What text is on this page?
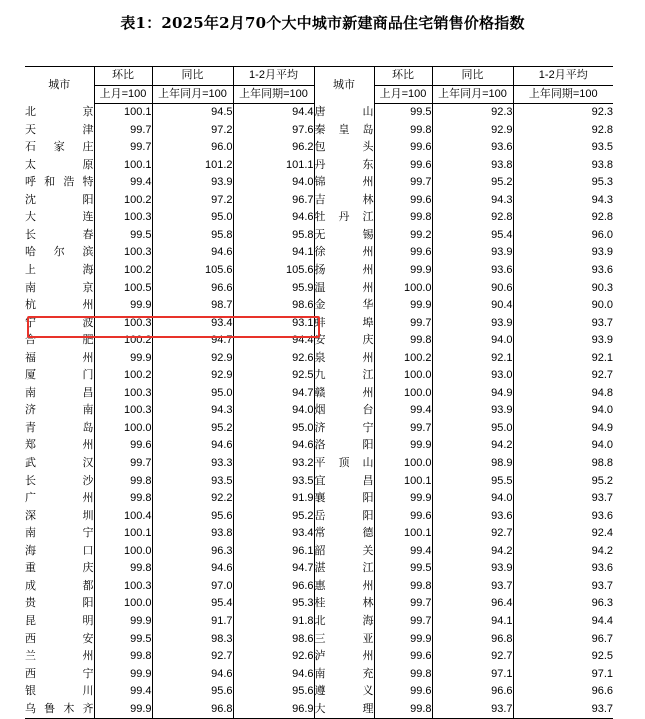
表1：2025年2月70个大中城市新建商品住宅销售价格指数
城市	环比	同比	1-2月平均	城市	环比	同比	1-2月平均
	上月=100	上年同月=100	上年同期=100		上月=100	上年同月=100	上年同期=100
北京	100.1	94.5	94.4	唐山	99.5	92.3	92.3
天津	99.7	97.2	97.6	秦皇岛	99.8	92.9	92.8
石家庄	99.7	96.0	96.2	包头	99.6	93.6	93.5
太原	100.1	101.2	101.1	丹东	99.6	93.8	93.8
呼和浩特	99.4	93.9	94.0	锦州	99.7	95.2	95.3
沈阳	100.2	97.2	96.7	吉林	99.6	94.3	94.3
大连	100.3	95.0	94.6	牡丹江	99.8	92.8	92.8
长春	99.5	95.8	95.8	无锡	99.2	95.4	96.0
哈尔滨	100.3	94.6	94.1	徐州	99.6	93.9	93.9
上海	100.2	105.6	105.6	扬州	99.9	93.6	93.6
南京	100.5	96.6	95.9	温州	100.0	90.6	90.3
杭州	99.9	98.7	98.6	金华	99.9	90.4	90.0
宁波	100.3	93.4	93.1	蚌埠	99.7	93.9	93.7
合肥	100.2	94.7	94.4	安庆	99.8	94.0	93.9
福州	99.9	92.9	92.6	泉州	100.2	92.1	92.1
厦门	100.2	92.9	92.5	九江	100.0	93.0	92.7
南昌	100.3	95.0	94.7	赣州	100.0	94.9	94.8
济南	100.3	94.3	94.0	烟台	99.4	93.9	94.0
青岛	100.0	95.2	95.0	济宁	99.7	95.0	94.9
郑州	99.6	94.6	94.6	洛阳	99.9	94.2	94.0
武汉	99.7	93.3	93.2	平顶山	100.0	98.9	98.8
长沙	99.8	93.5	93.5	宜昌	100.1	95.5	95.2
广州	99.8	92.2	91.9	襄阳	99.9	94.0	93.7
深圳	100.4	95.6	95.2	岳阳	99.6	93.6	93.6
南宁	100.1	93.8	93.4	常德	100.1	92.7	92.4
海口	100.0	96.3	96.1	韶关	99.4	94.2	94.2
重庆	99.8	94.6	94.7	湛江	99.5	93.9	93.6
成都	100.3	97.0	96.6	惠州	99.8	93.7	93.7
贵阳	100.0	95.4	95.3	桂林	99.7	96.4	96.3
昆明	99.9	91.7	91.8	北海	99.7	94.1	94.4
西安	99.5	98.3	98.6	三亚	99.9	96.8	96.7
兰州	99.8	92.7	92.6	泸州	99.6	92.7	92.5
西宁	99.9	94.6	94.6	南充	99.8	97.1	97.1
银川	99.4	95.6	95.6	遵义	99.6	96.6	96.6
乌鲁木齐	99.9	96.8	96.9	大理	99.8	93.7	93.7
